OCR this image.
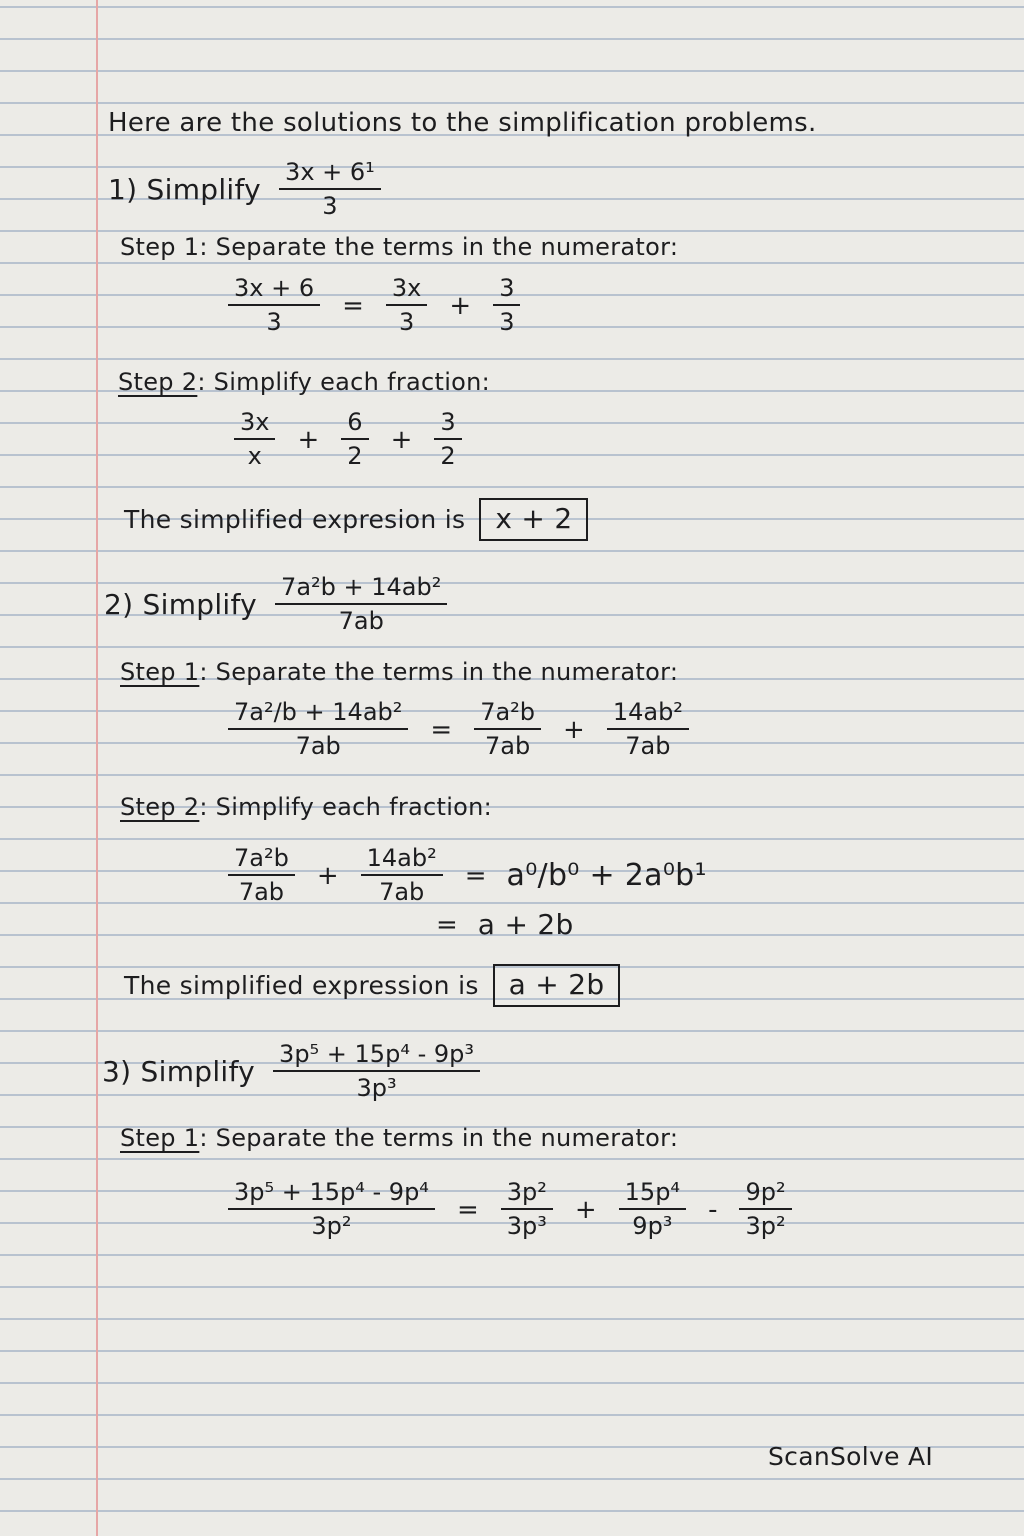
Here are the solutions to the simplification problems.
1) Simplify $\frac{\text{3x + 6¹}}{3}$
Step 1: Separate the terms in the numerator:
$\frac{3x + 6}{3} = \frac{3x}{3} + \frac{3}{3}$
Step 2: Simplify each fraction:
$\frac{3x}{x} + \frac{6}{2} + \frac{3}{2}$
The simplified expresion is	x + 2
2) Simplify $\frac{\text{7a²b + 14ab²}}{7ab}$
Step 1: Separate the terms in the numerator:
$\frac{\text{7a²/b + 14ab²}}{7ab} = \frac{\text{7a²b}}{7ab} + \frac{\text{14ab²}}{7ab}$
Step 2: Simplify each fraction:
$\frac{\text{7a²b}}{7ab} + \frac{\text{14ab²}}{7ab} = a^0/b^0 + 2a^0b^1$
= a + 2b
The simplified expression is	a + 2b
3) Simplify $\frac{\text{3p⁵ + 15p⁴ - 9p³}}{\text{3p³}}$
Step 1: Separate the terms in the numerator:
$\frac{\text{3p⁵ + 15p⁴ - 9p⁴}}{\text{3p²}} = \frac{\text{3p²}}{\text{3p³}} + \frac{\text{15p⁴}}{\text{9p³}} - \frac{\text{9p²}}{\text{3p²}}$
ScanSolve AI
